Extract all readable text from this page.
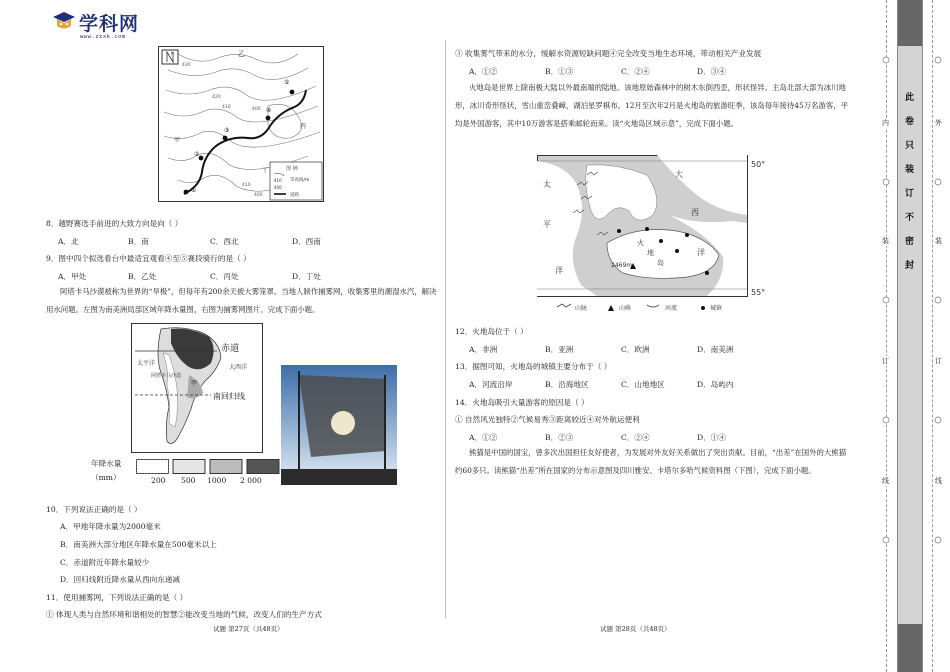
学科网
www.zxxk.com
N	乙
甲
丙
丁
430
420
410	400
410
400
①
②
③
④
⑤
图 例
410
400
等高线/m
道路
8．越野赛选手前进的大致方向是向（ ）
A．北	B．南	C．西北	D．西南
9．图中四个拟选看台中最适宜观看④至⑤赛段骑行的是（ ）
A．甲处	B．乙处	C．丙处	D．丁处
阿塔卡马沙漠被称为世界的“旱极”，但每年有200余天被大雾笼罩。当地人制作捕雾网，收集雾里的潮湿水汽，解决用水问题。左图为南美洲局部区域年降水量图，右图为捕雾网图片。完成下面小题。
赤道
南回归线
甲
太平洋
大西洋
阿塔卡马沙漠
年降水量
（mm）	200 500 1000 2 000
10．下列说法正确的是（ ）
A．甲地年降水量为2000毫米
B．南美洲大部分地区年降水量在500毫米以上
C．赤道附近年降水量较少
D．回归线附近降水量从西向东递减
11．使用捕雾网，下列说法正确的是（ ）
① 体现人类与自然环境和谐相处的智慧②能改变当地的气候，改变人们的生产方式
试题 第27页（共48页）
③ 收集雾气带来的水分，缓解水资源短缺问题④完全改变当地生态环境，带动相关产业发展
A．①②	B．①③	C．②④	D．③④
火地岛是世界上除南极大陆以外最南端的陆地。该地原始森林中的树木东倒西歪，形状怪异。主岛北部大部为冰川地形，冰川奇形怪状，雪山重峦叠嶂，湖泊星罗棋布。12月至次年2月是火地岛的旅游旺季，该岛每年接待45万名游客，平均是外国游客，其中10万游客是搭乘邮轮而来。读“火地岛区域示意”，完成下面小题。
50°
55°
太
平
洋
大
西
洋
火
地
岛
2469m
山脉	山峰	河流	城镇
12．火地岛位于（ ）
A．非洲	B．亚洲	C．欧洲	D．南美洲
13．据图可知，火地岛的城镇主要分布于（ ）
A．河流沿岸	B．沿海地区	C．山地地区	D．岛屿内
14．火地岛吸引大量游客的原因是（ ）
① 自然风光独特②气候易秀③距离较近④对外航运便利
A．①②	B．②③	C．②④	D．①④
熊猫是中国的国宝，曾多次出国担任友好使者，为发展对外友好关系做出了突出贡献。目前，“出差”在国外的大熊猫约60多只。读熊猫“出差”所在国家的分布示意图及四川雅安、卡塔尔多哈气候资料图（下图），完成下面小题。
试题 第28页（共48页）
此
卷
只
装
订
不
密
封
内
装
订
线
外
装
订
线
